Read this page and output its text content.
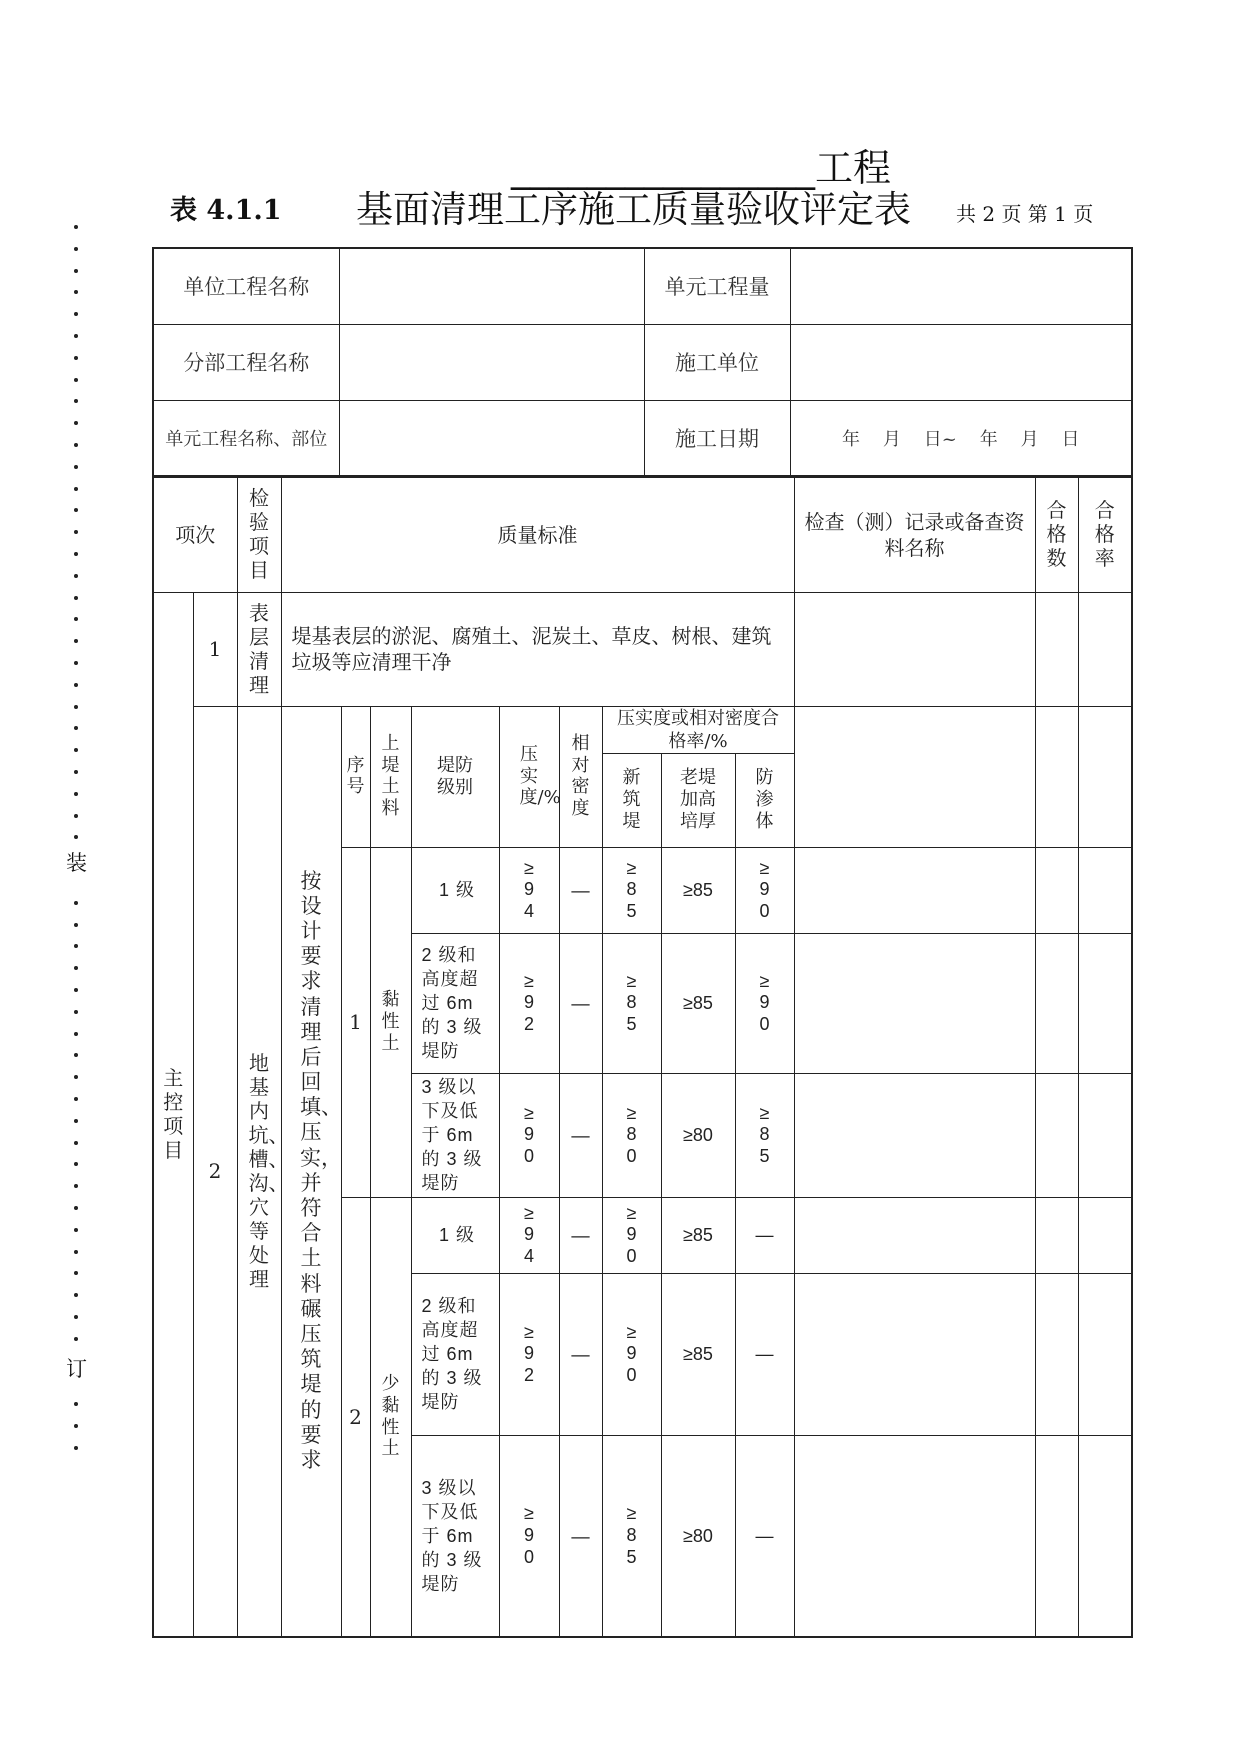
装
订
________________工程
表 4.1.1 基面清理工序施工质量验收评定表 共 2 页 第 1 页
单位工程名称		单元工程量	
分部工程名称		施工单位	
单元工程名称、部位		施工日期	年    月    日~    年    月    日
项次		检验项目	质量标准									检查（测）记录或备查资料名称	合格数	合格率
主控项目	1	表层清理	堤基表层的淤泥、腐殖土、泥炭土、草皮、树根、建筑垃圾等应清理干净											
	2	地基内坑、槽、沟、穴等处理	按设计要求清理后回填、压实，并符合土料碾压筑堤的要求	序号	上堤土料	堤防级别	压实度/%	相对密度	压实度或相对密度合格率/%					
									新筑堤	老堤加高培厚	防渗体			
				1	黏性土	1 级	≥94	—	≥85	≥85	≥90			
						2 级和高度超过 6m 的 3 级堤防	≥92	—	≥85	≥85	≥90			
						3 级以下及低于 6m 的 3 级堤防	≥90	—	≥80	≥80	≥85			
				2	少黏性土	1 级	≥94	—	≥90	≥85	—			
						2 级和高度超过 6m 的 3 级堤防	≥92	—	≥90	≥85	—			
						3 级以下及低于 6m 的 3 级堤防	≥90	—	≥85	≥80	—			
